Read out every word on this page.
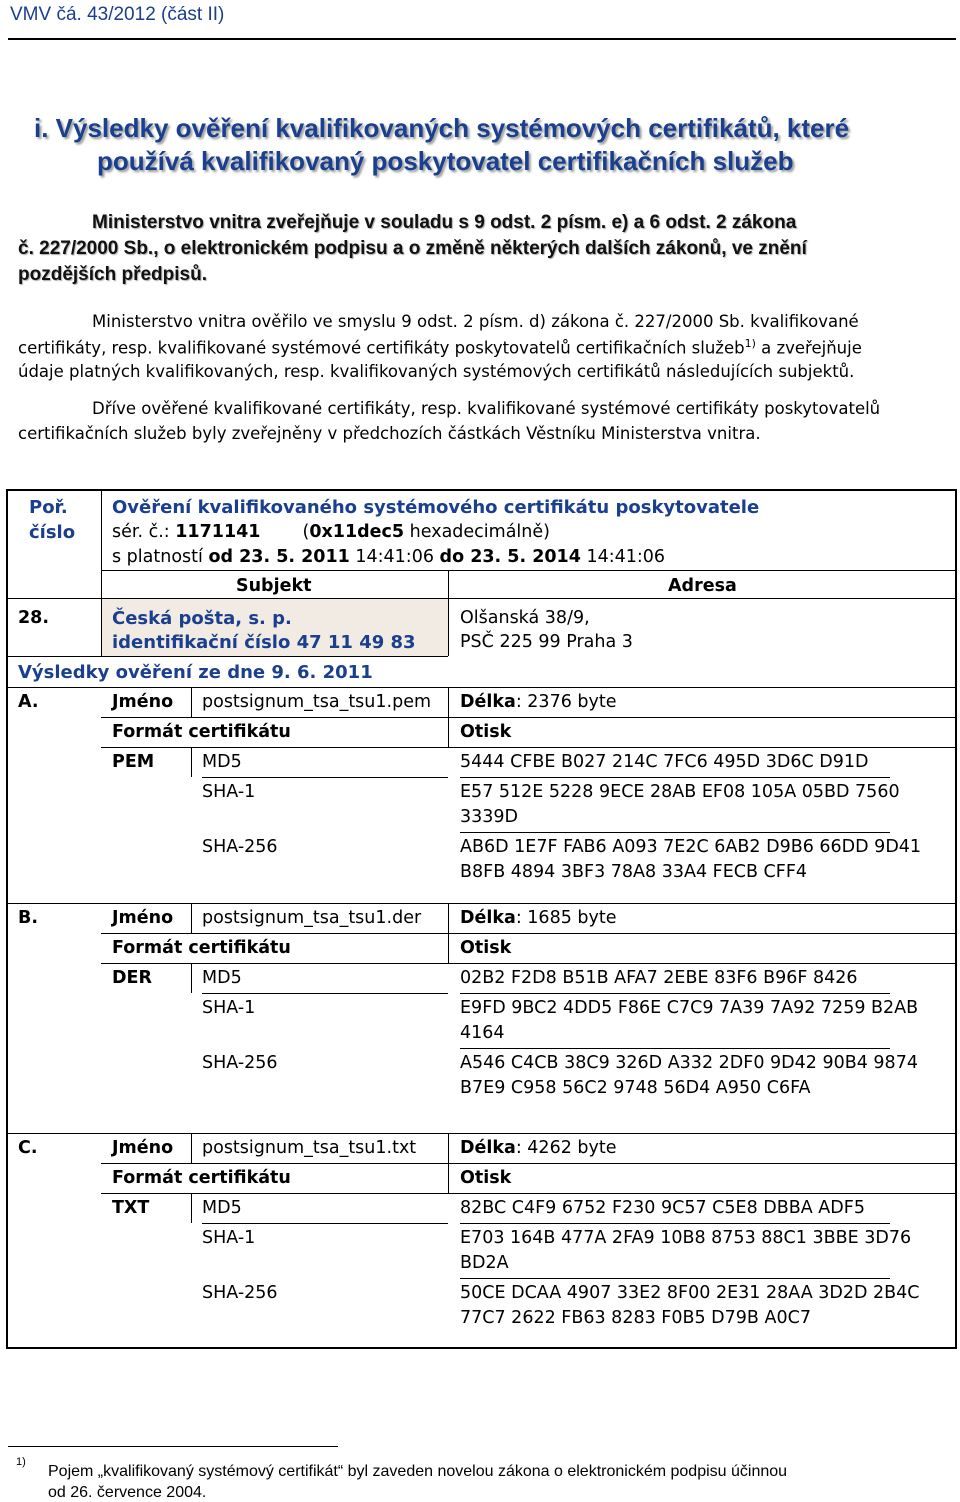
VMV čá. 43/2012 (část II)
i. Výsledky ověření kvalifikovaných systémových certifikátů, které
používá kvalifikovaný poskytovatel certifikačních služeb
Ministerstvo vnitra zveřejňuje v souladu s 9 odst. 2 písm. e) a 6 odst. 2 zákona
č. 227/2000 Sb., o elektronickém podpisu a o změně některých dalších zákonů, ve znění
pozdějších předpisů.
Ministerstvo vnitra ověřilo ve smyslu 9 odst. 2 písm. d) zákona č. 227/2000 Sb. kvalifikované
certifikáty, resp. kvalifikované systémové certifikáty poskytovatelů certifikačních služeb$^{1)}$ a zveřejňuje
údaje platných kvalifikovaných, resp. kvalifikovaných systémových certifikátů následujících subjektů.
Dříve ověřené kvalifikované certifikáty, resp. kvalifikované systémové certifikáty poskytovatelů
certifikačních služeb byly zveřejněny v předchozích částkách Věstníku Ministerstva vnitra.
Poř.
číslo
Ověření kvalifikovaného systémového certifikátu poskytovatele
sér. č.: 1171141 (0x11dec5 hexadecimálně)
s platností od 23. 5. 2011 14:41:06 do 23. 5. 2014 14:41:06
Subjekt	Adresa
28.	Česká pošta, s. p.
identifikační číslo 47 11 49 83
Olšanská 38/9,
PSČ 225 99 Praha 3
Výsledky ověření ze dne 9. 6. 2011
A.	Jméno postsignum_tsa_tsu1.pem Délka: 2376 byte
Formát certifikátu	Otisk
PEM	MD5	5444 CFBE B027 214C 7FC6 495D 3D6C D91D
SHA-1	E57 512E 5228 9ECE 28AB EF08 105A 05BD 7560
3339D
SHA-256	AB6D 1E7F FAB6 A093 7E2C 6AB2 D9B6 66DD 9D41
B8FB 4894 3BF3 78A8 33A4 FECB CFF4
B.	Jméno postsignum_tsa_tsu1.der Délka: 1685 byte
Formát certifikátu	Otisk
DER	MD5	02B2 F2D8 B51B AFA7 2EBE 83F6 B96F 8426
SHA-1	E9FD 9BC2 4DD5 F86E C7C9 7A39 7A92 7259 B2AB
4164
SHA-256	A546 C4CB 38C9 326D A332 2DF0 9D42 90B4 9874
B7E9 C958 56C2 9748 56D4 A950 C6FA
C.	Jméno postsignum_tsa_tsu1.txt	Délka: 4262 byte
Formát certifikátu	Otisk
TXT	MD5	82BC C4F9 6752 F230 9C57 C5E8 DBBA ADF5
SHA-1	E703 164B 477A 2FA9 10B8 8753 88C1 3BBE 3D76
BD2A
SHA-256	50CE DCAA 4907 33E2 8F00 2E31 28AA 3D2D 2B4C
77C7 2622 FB63 8283 F0B5 D79B A0C7
1)
Pojem „kvalifikovaný systémový certifikát“ byl zaveden novelou zákona o elektronickém podpisu účinnou
od 26. července 2004.
